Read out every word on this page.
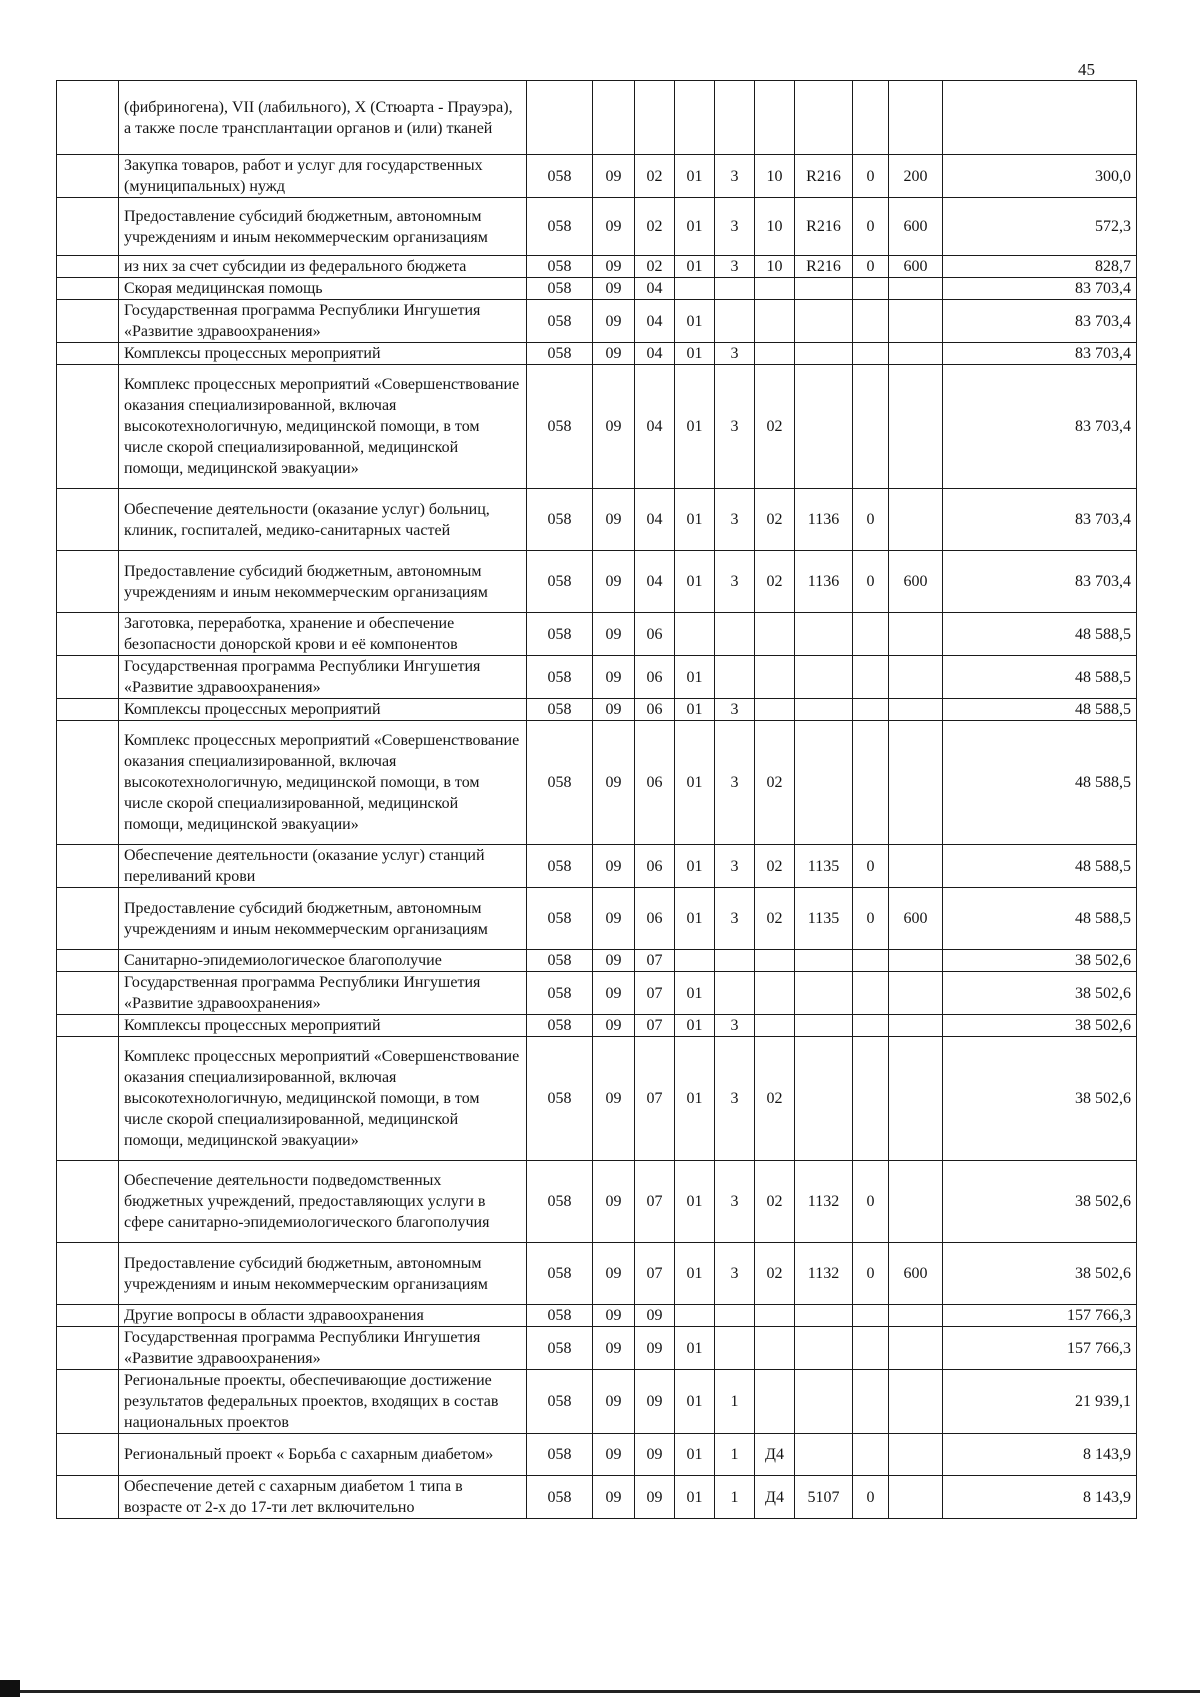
45
	(фибриногена), VII (лабильного), X (Стюарта - Прауэра), а также после трансплантации органов и (или) тканей										
	Закупка товаров, работ и услуг для государственных (муниципальных) нужд	058	09	02	01	3	10	R216	0	200	300,0
	Предоставление субсидий бюджетным, автономным учреждениям и иным некоммерческим организациям	058	09	02	01	3	10	R216	0	600	572,3
	из них за счет субсидии из федерального бюджета	058	09	02	01	3	10	R216	0	600	828,7
	Скорая медицинская помощь	058	09	04							83 703,4
	Государственная программа Республики Ингушетия «Развитие здравоохранения»	058	09	04	01						83 703,4
	Комплексы процессных мероприятий	058	09	04	01	3					83 703,4
	Комплекс процессных мероприятий «Совершенствование оказания специализированной, включая высокотехнологичную, медицинской помощи, в том числе скорой специализированной, медицинской помощи, медицинской эвакуации»	058	09	04	01	3	02				83 703,4
	Обеспечение деятельности (оказание услуг) больниц, клиник, госпиталей, медико-санитарных частей	058	09	04	01	3	02	1136	0		83 703,4
	Предоставление субсидий бюджетным, автономным учреждениям и иным некоммерческим организациям	058	09	04	01	3	02	1136	0	600	83 703,4
	Заготовка, переработка, хранение и обеспечение безопасности донорской крови и её компонентов	058	09	06							48 588,5
	Государственная программа Республики Ингушетия «Развитие здравоохранения»	058	09	06	01						48 588,5
	Комплексы процессных мероприятий	058	09	06	01	3					48 588,5
	Комплекс процессных мероприятий «Совершенствование оказания специализированной, включая высокотехнологичную, медицинской помощи, в том числе скорой специализированной, медицинской помощи, медицинской эвакуации»	058	09	06	01	3	02				48 588,5
	Обеспечение деятельности (оказание услуг) станций переливаний крови	058	09	06	01	3	02	1135	0		48 588,5
	Предоставление субсидий бюджетным, автономным учреждениям и иным некоммерческим организациям	058	09	06	01	3	02	1135	0	600	48 588,5
	Санитарно-эпидемиологическое благополучие	058	09	07							38 502,6
	Государственная программа Республики Ингушетия «Развитие здравоохранения»	058	09	07	01						38 502,6
	Комплексы процессных мероприятий	058	09	07	01	3					38 502,6
	Комплекс процессных мероприятий «Совершенствование оказания специализированной, включая высокотехнологичную, медицинской помощи, в том числе скорой специализированной, медицинской помощи, медицинской эвакуации»	058	09	07	01	3	02				38 502,6
	Обеспечение деятельности подведомственных бюджетных учреждений, предоставляющих услуги в сфере санитарно-эпидемиологического благополучия	058	09	07	01	3	02	1132	0		38 502,6
	Предоставление субсидий бюджетным, автономным учреждениям и иным некоммерческим организациям	058	09	07	01	3	02	1132	0	600	38 502,6
	Другие вопросы в области здравоохранения	058	09	09							157 766,3
	Государственная программа Республики Ингушетия «Развитие здравоохранения»	058	09	09	01						157 766,3
	Региональные проекты, обеспечивающие достижение результатов федеральных проектов, входящих в состав национальных проектов	058	09	09	01	1					21 939,1
	Региональный проект « Борьба с сахарным диабетом»	058	09	09	01	1	Д4				8 143,9
	Обеспечение детей с сахарным диабетом 1 типа в возрасте от 2-х до 17-ти лет включительно	058	09	09	01	1	Д4	5107	0		8 143,9
